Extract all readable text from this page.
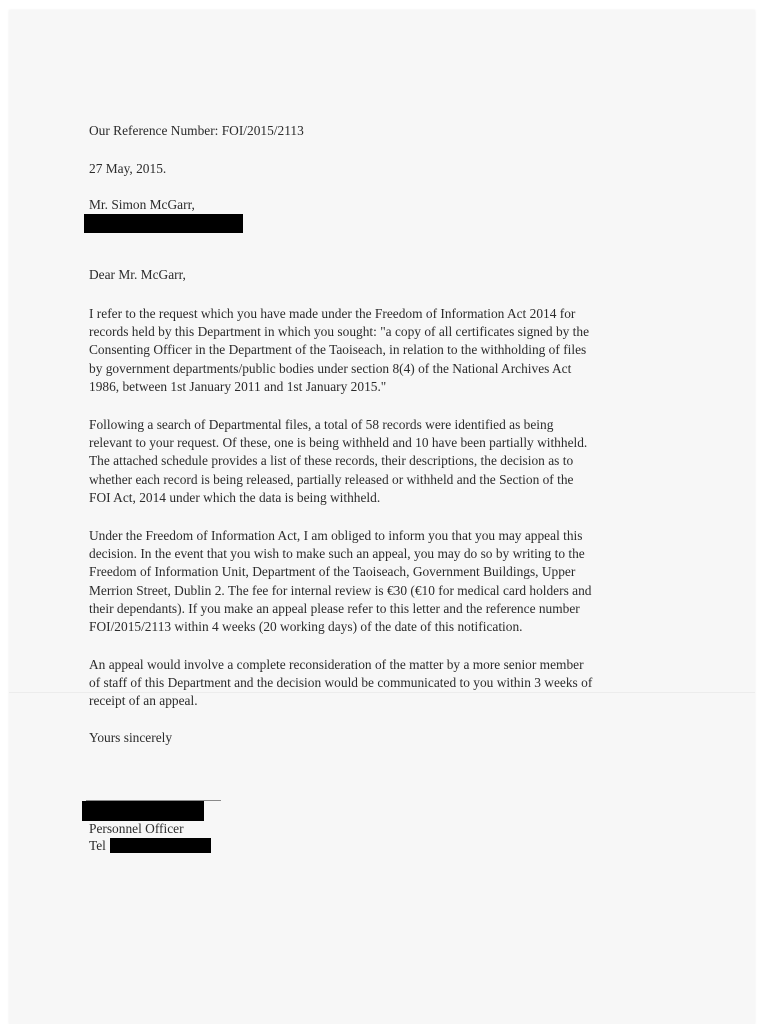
Our Reference Number: FOI/2015/2113

27 May, 2015.

Mr. Simon McGarr,

Dear Mr. McGarr,

I refer to the request which you have made under the Freedom of Information Act 2014 for
records held by this Department in which you sought: "a copy of all certificates signed by the
Consenting Officer in the Department of the Taoiseach, in relation to the withholding of files
by government departments/public bodies under section 8(4) of the National Archives Act
1986, between 1st January 2011 and 1st January 2015."
Following a search of Departmental files, a total of 58 records were identified as being
relevant to your request. Of these, one is being withheld and 10 have been partially withheld.
The attached schedule provides a list of these records, their descriptions, the decision as to
whether each record is being released, partially released or withheld and the Section of the
FOI Act, 2014 under which the data is being withheld.
Under the Freedom of Information Act, I am obliged to inform you that you may appeal this
decision. In the event that you wish to make such an appeal, you may do so by writing to the
Freedom of Information Unit, Department of the Taoiseach, Government Buildings, Upper
Merrion Street, Dublin 2. The fee for internal review is €30 (€10 for medical card holders and
their dependants). If you make an appeal please refer to this letter and the reference number
FOI/2015/2113 within 4 weeks (20 working days) of the date of this notification.
An appeal would involve a complete reconsideration of the matter by a more senior member
of staff of this Department and the decision would be communicated to you within 3 weeks of
receipt of an appeal.

Yours sincerely

Personnel Officer

Tel
